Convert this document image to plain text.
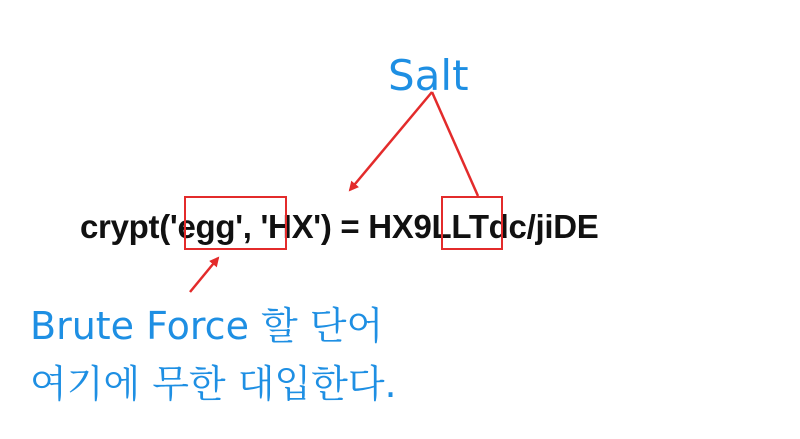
Salt
crypt('egg', 'HX') = HX9LLTdc/jiDE
Brute Force 할 단어
여기에 무한 대입한다.
